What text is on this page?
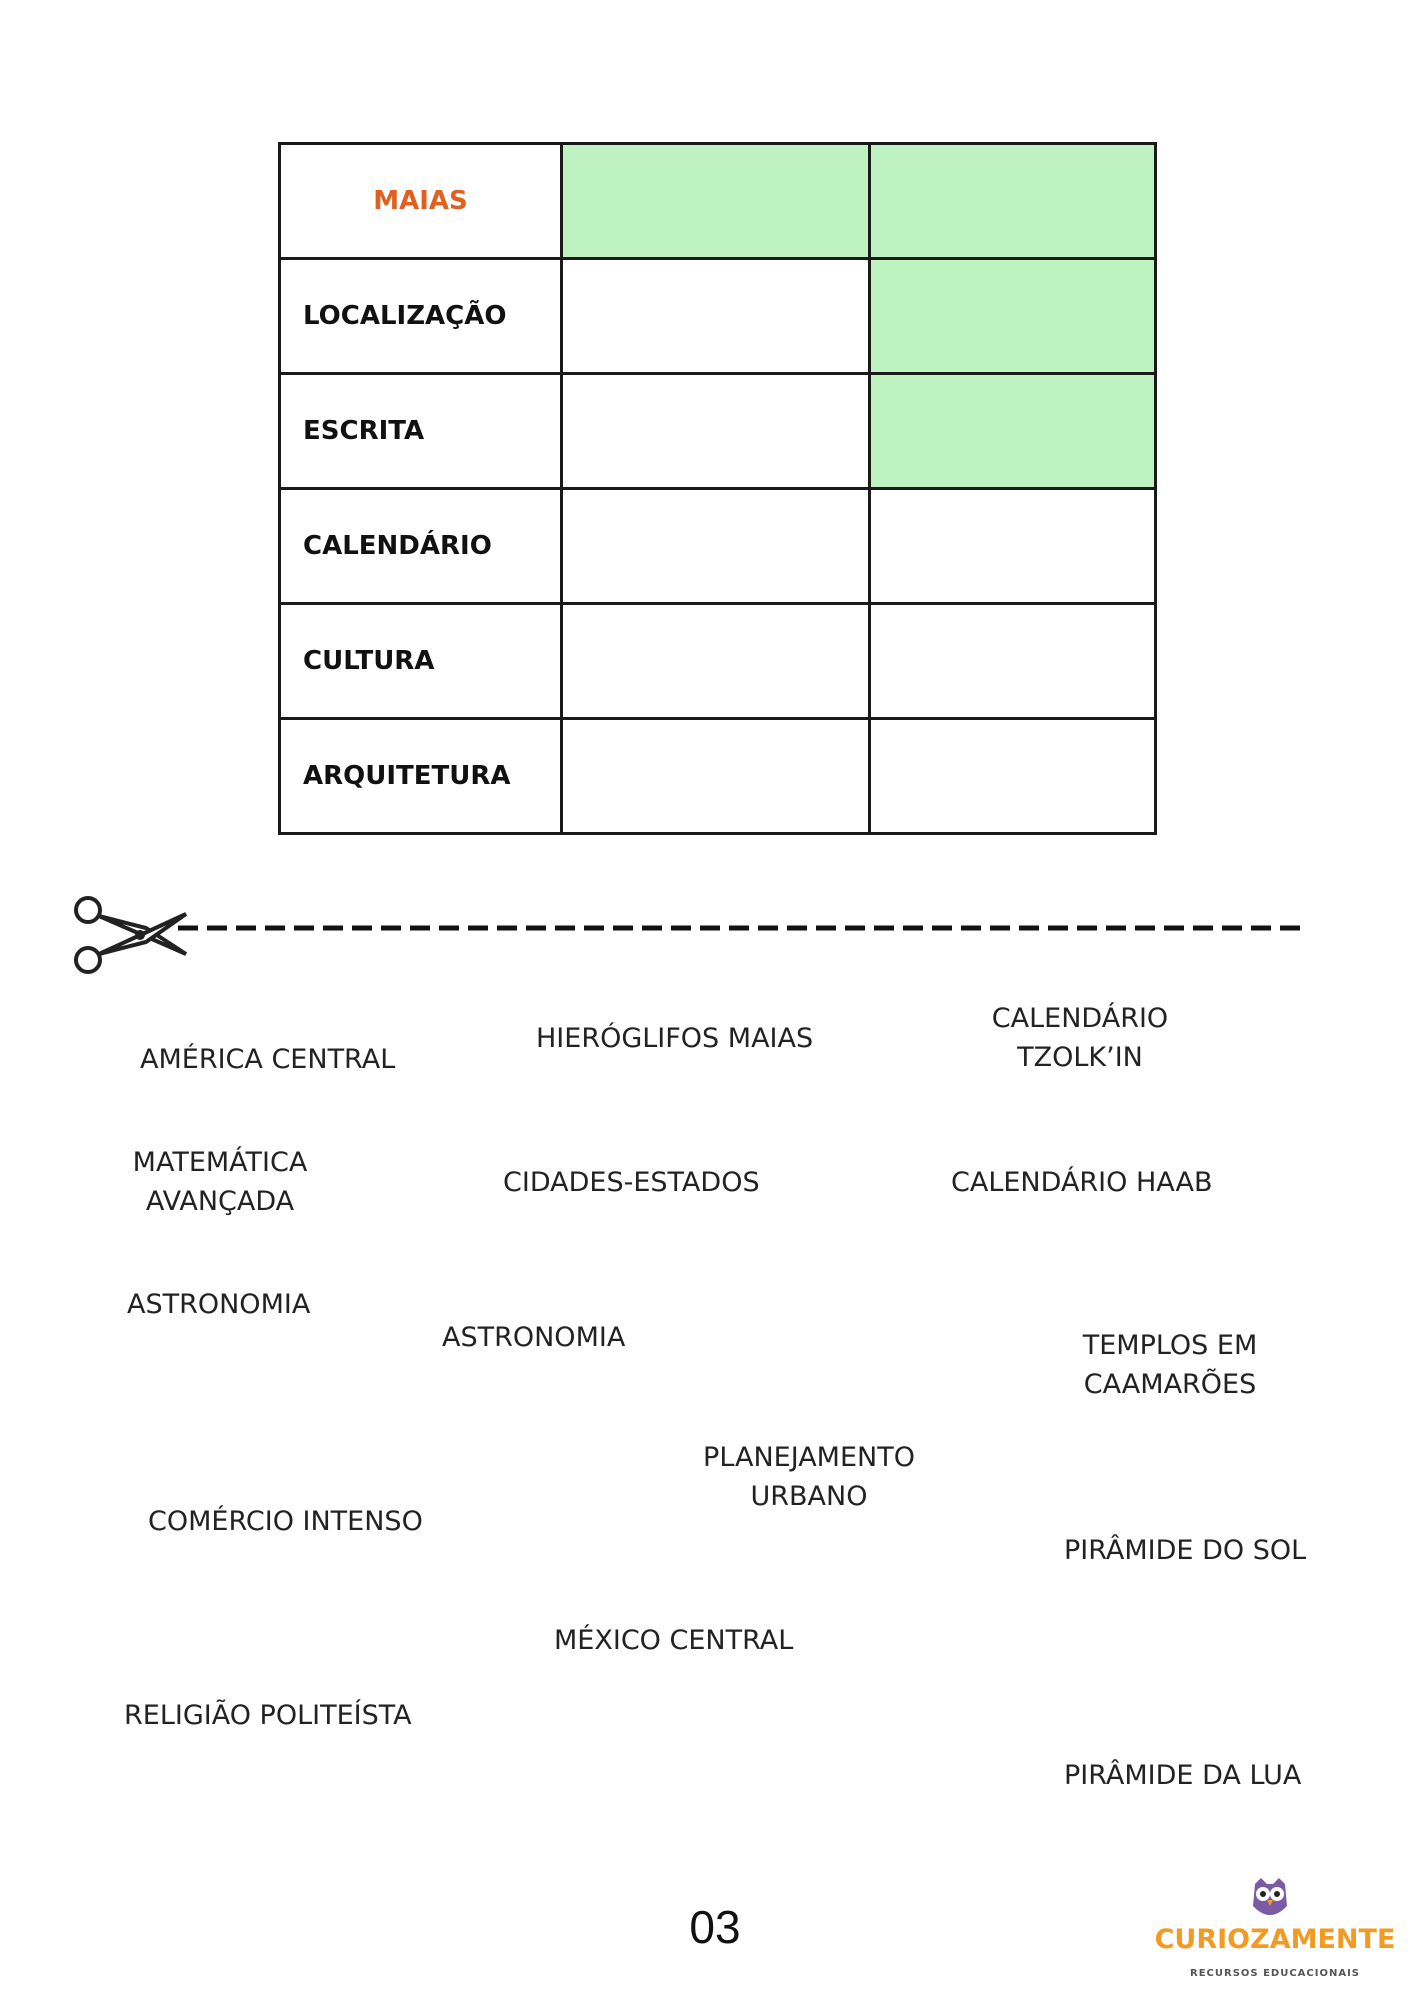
MAIAS		
LOCALIZAÇÃO		
ESCRITA		
CALENDÁRIO		
CULTURA		
ARQUITETURA		
AMÉRICA CENTRAL
HIERÓGLIFOS MAIAS
CALENDÁRIO
TZOLK’IN
MATEMÁTICA
AVANÇADA
CIDADES-ESTADOS	CALENDÁRIO HAAB
ASTRONOMIA
ASTRONOMIA	TEMPLOS EM
CAAMARÕES
PLANEJAMENTO
URBANO
COMÉRCIO INTENSO
PIRÂMIDE DO SOL
MÉXICO CENTRAL
RELIGIÃO POLITEÍSTA
PIRÂMIDE DA LUA
03	CURIOZAMENTE
RECURSOS EDUCACIONAIS
